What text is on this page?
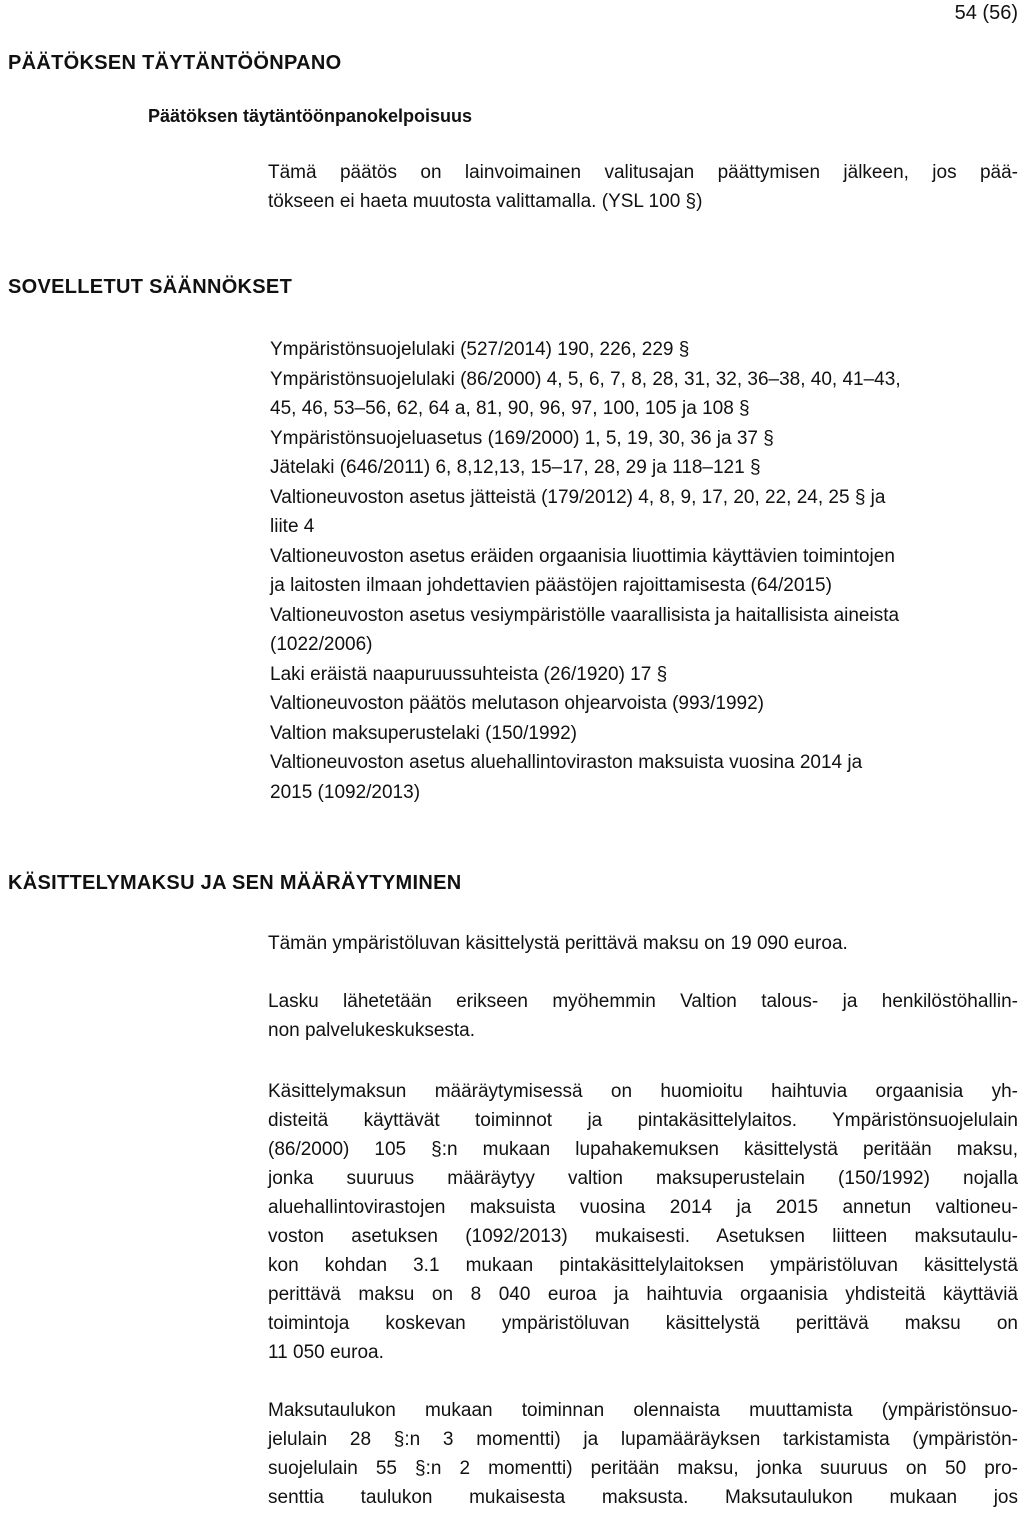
54 (56)
PÄÄTÖKSEN TÄYTÄNTÖÖNPANO
Päätöksen täytäntöönpanokelpoisuus
Tämä päätös on lainvoimainen valitusajan päättymisen jälkeen, jos pää-
tökseen ei haeta muutosta valittamalla. (YSL 100 §)
SOVELLETUT SÄÄNNÖKSET
Ympäristönsuojelulaki (527/2014) 190, 226, 229 §
Ympäristönsuojelulaki (86/2000) 4, 5, 6, 7, 8, 28, 31, 32, 36–38, 40, 41–43,
45, 46, 53–56, 62, 64 a, 81, 90, 96, 97, 100, 105 ja 108 §
Ympäristönsuojeluasetus (169/2000) 1, 5, 19, 30, 36 ja 37 §
Jätelaki (646/2011) 6, 8,12,13, 15–17, 28, 29 ja 118–121 §
Valtioneuvoston asetus jätteistä (179/2012) 4, 8, 9, 17, 20, 22, 24, 25 § ja
liite 4
Valtioneuvoston asetus eräiden orgaanisia liuottimia käyttävien toimintojen
ja laitosten ilmaan johdettavien päästöjen rajoittamisesta (64/2015)
Valtioneuvoston asetus vesiympäristölle vaarallisista ja haitallisista aineista
(1022/2006)
Laki eräistä naapuruussuhteista (26/1920) 17 §
Valtioneuvoston päätös melutason ohjearvoista (993/1992)
Valtion maksuperustelaki (150/1992)
Valtioneuvoston asetus aluehallintoviraston maksuista vuosina 2014 ja
2015 (1092/2013)
KÄSITTELYMAKSU JA SEN MÄÄRÄYTYMINEN
Tämän ympäristöluvan käsittelystä perittävä maksu on 19 090 euroa.
Lasku lähetetään erikseen myöhemmin Valtion talous- ja henkilöstöhallin-
non palvelukeskuksesta.
Käsittelymaksun määräytymisessä on huomioitu haihtuvia orgaanisia yh-
disteitä käyttävät toiminnot ja pintakäsittelylaitos. Ympäristönsuojelulain
(86/2000) 105 §:n mukaan lupahakemuksen käsittelystä peritään maksu,
jonka suuruus määräytyy valtion maksuperustelain (150/1992) nojalla
aluehallintovirastojen maksuista vuosina 2014 ja 2015 annetun valtioneu-
voston asetuksen (1092/2013) mukaisesti. Asetuksen liitteen maksutaulu-
kon kohdan 3.1 mukaan pintakäsittelylaitoksen ympäristöluvan käsittelystä
perittävä maksu on 8 040 euroa ja haihtuvia orgaanisia yhdisteitä käyttäviä
toimintoja koskevan ympäristöluvan käsittelystä perittävä maksu on
11 050 euroa.
Maksutaulukon mukaan toiminnan olennaista muuttamista (ympäristönsuo-
jelulain 28 §:n 3 momentti) ja lupamääräyksen tarkistamista (ympäristön-
suojelulain 55 §:n 2 momentti) peritään maksu, jonka suuruus on 50 pro-
senttia taulukon mukaisesta maksusta. Maksutaulukon mukaan jos
